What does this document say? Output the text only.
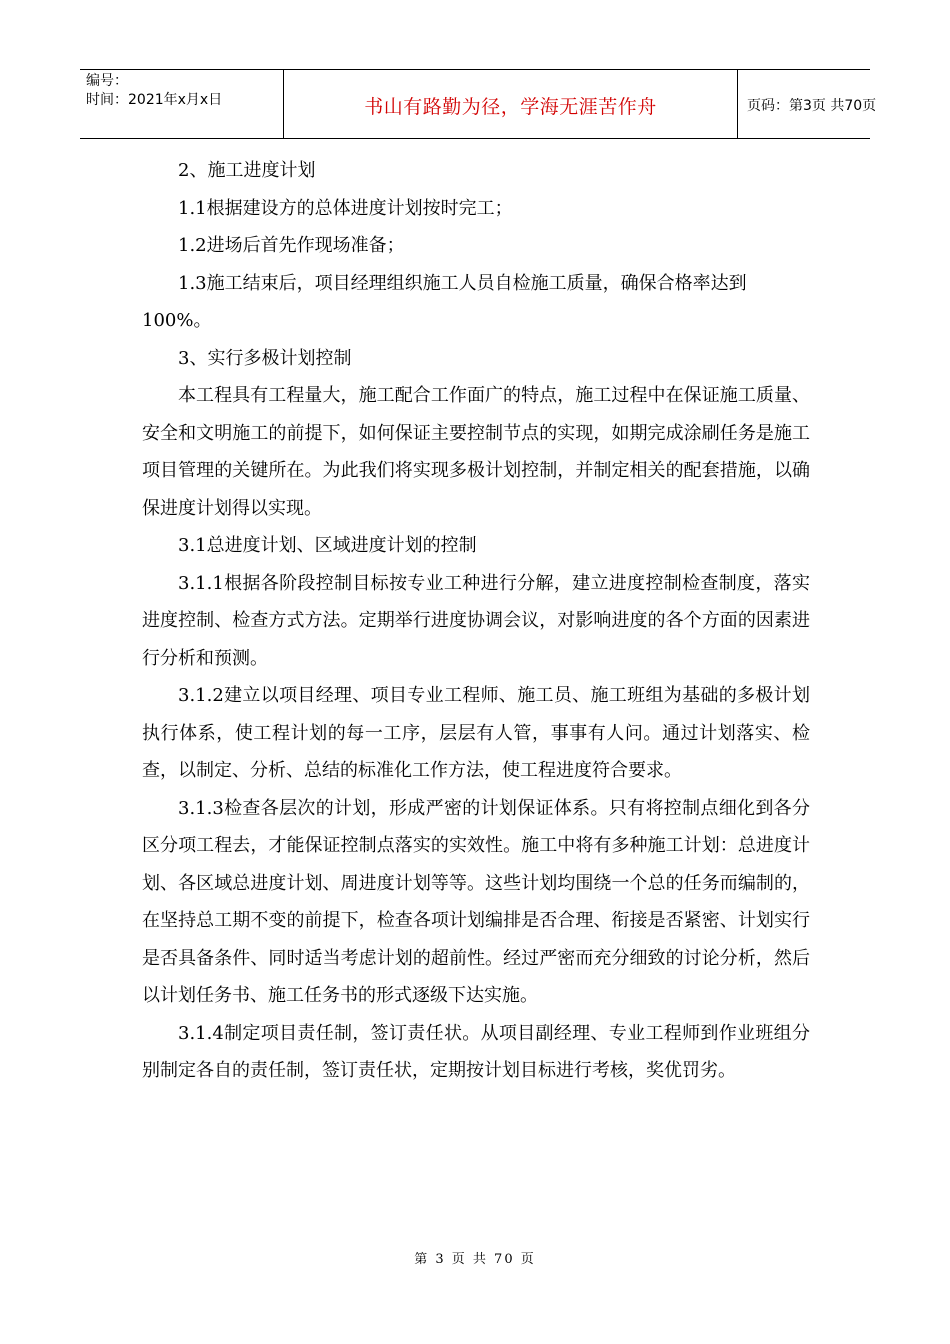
编号：
时间：2021年x月x日	书山有路勤为径，学海无涯苦作舟	页码：第3页 共70页

2、施工进度计划

1.1根据建设方的总体进度计划按时完工；

1.2进场后首先作现场准备；

1.3施工结束后，项目经理组织施工人员自检施工质量，确保合格率达到

100%。

3、实行多极计划控制

本工程具有工程量大，施工配合工作面广的特点，施工过程中在保证施工质量、安全和文明施工的前提下，如何保证主要控制节点的实现，如期完成涂刷任务是施工项目管理的关键所在。为此我们将实现多极计划控制，并制定相关的配套措施，以确保进度计划得以实现。

3.1总进度计划、区域进度计划的控制

3.1.1根据各阶段控制目标按专业工种进行分解，建立进度控制检查制度，落实进度控制、检查方式方法。定期举行进度协调会议，对影响进度的各个方面的因素进行分析和预测。

3.1.2建立以项目经理、项目专业工程师、施工员、施工班组为基础的多极计划执行体系，使工程计划的每一工序，层层有人管，事事有人问。通过计划落实、检查，以制定、分析、总结的标准化工作方法，使工程进度符合要求。

3.1.3检查各层次的计划，形成严密的计划保证体系。只有将控制点细化到各分区分项工程去，才能保证控制点落实的实效性。施工中将有多种施工计划：总进度计划、各区域总进度计划、周进度计划等等。这些计划均围绕一个总的任务而编制的，在坚持总工期不变的前提下，检查各项计划编排是否合理、衔接是否紧密、计划实行是否具备条件、同时适当考虑计划的超前性。经过严密而充分细致的讨论分析，然后以计划任务书、施工任务书的形式逐级下达实施。

3.1.4制定项目责任制，签订责任状。从项目副经理、专业工程师到作业班组分别制定各自的责任制，签订责任状，定期按计划目标进行考核，奖优罚劣。

第 3 页 共 70 页
